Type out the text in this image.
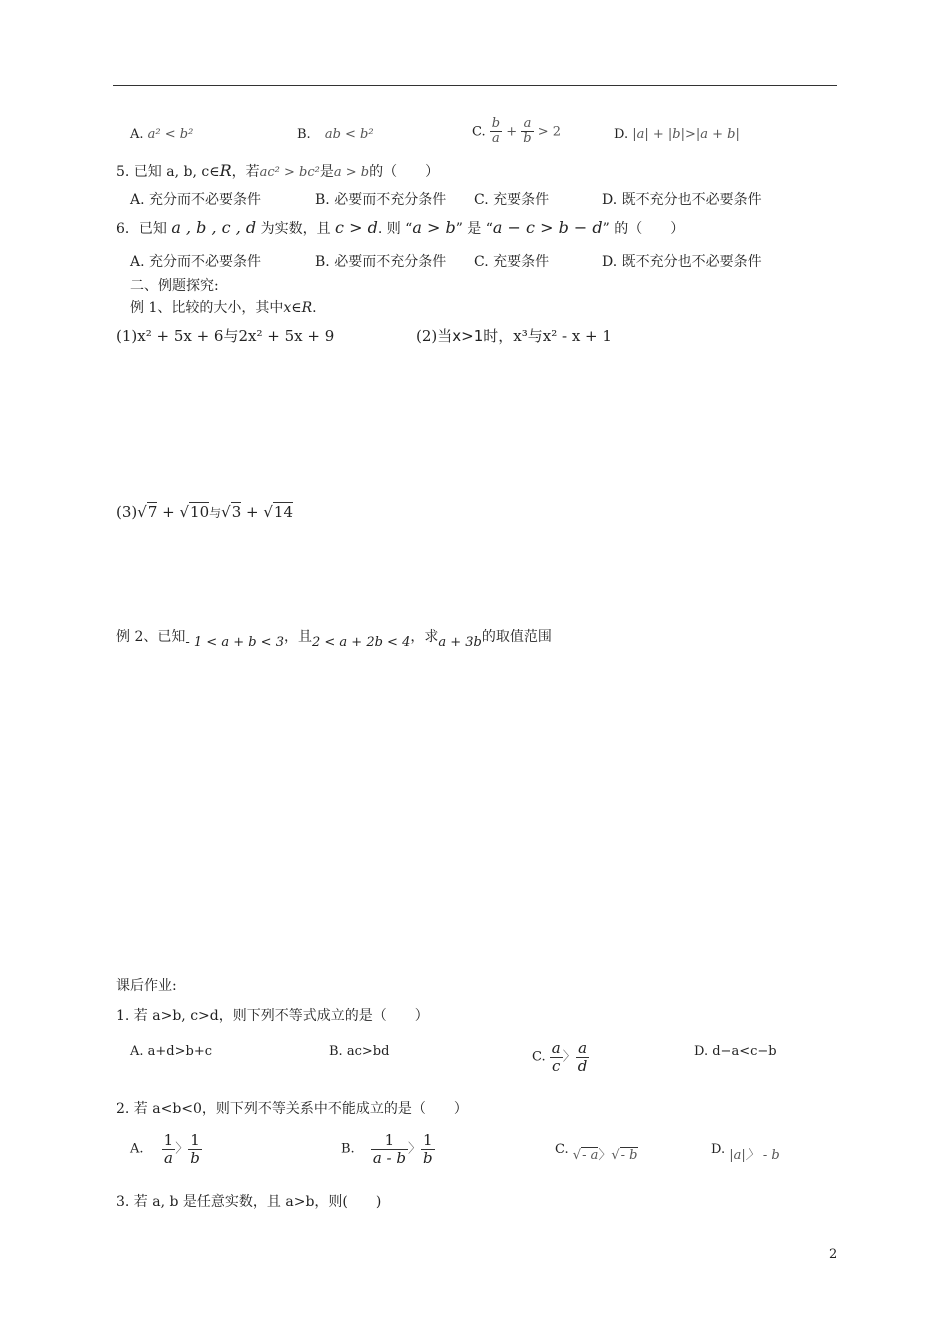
A. a² < b²	B. ab < b²	C. $\frac{b}{a} + \frac{a}{b} > 2$	D. |a| + |b|>|a + b|
5. 已知 a, b, c∈R，若ac² > bc²是a > b的（　　）
A. 充分而不必要条件	B. 必要而不充分条件 C. 充要条件	D. 既不充分也不必要条件
6．已知 a , b , c , d 为实数，且 c > d. 则 “a > b” 是 “a − c > b − d” 的（　　）
A. 充分而不必要条件	B. 必要而不充分条件 C. 充要条件	D. 既不充分也不必要条件
二、例题探究:
例 1、比较的大小，其中x∈R.
(1)x² + 5x + 6与2x² + 5x + 9	(2)当x>1时，x³与x² - x + 1
(3)√7 + √10与√3 + √14
例 2、已知- 1 < a + b < 3，且2 < a + 2b < 4，求a + 3b的取值范围
课后作业:
1. 若 a>b, c>d，则下列不等式成立的是（　　）
A. a+d>b+c	B. ac>bd	C. $\frac{a}{c}$ 〉 $\frac{a}{d}$	D. d−a<c−b
2. 若 a<b<0，则下列不等关系中不能成立的是（　　）
A. $\frac{1}{a}$ 〉 $\frac{1}{b}$	B. $\frac{1}{a - b}$ 〉 $\frac{1}{b}$	C. √- a〉√- b	D. |a|〉 - b
3. 若 a, b 是任意实数，且 a>b，则(　　)
2
